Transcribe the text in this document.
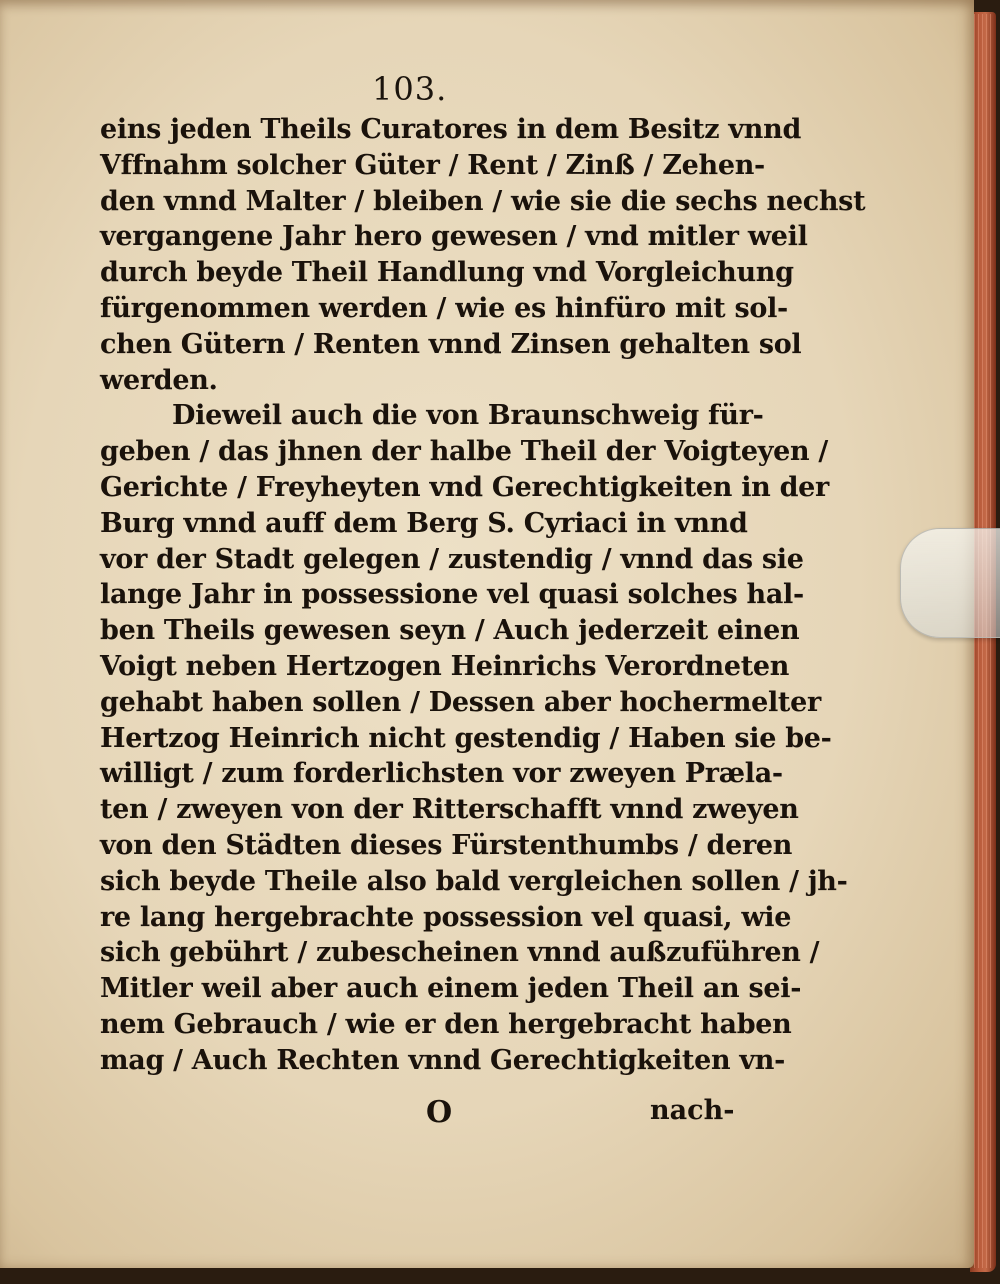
103.
eins jeden Theils Curatores in dem Besitz vnnd
Vffnahm solcher Güter / Rent / Zinß / Zehen-
den vnnd Malter / bleiben / wie sie die sechs nechst
vergangene Jahr hero gewesen / vnd mitler weil
durch beyde Theil Handlung vnd Vorgleichung
fürgenommen werden / wie es hinfüro mit sol-
chen Gütern / Renten vnnd Zinsen gehalten sol
werden.
Dieweil auch die von Braunschweig für-
geben / das jhnen der halbe Theil der Voigteyen /
Gerichte / Freyheyten vnd Gerechtigkeiten in der
Burg vnnd auff dem Berg S. Cyriaci in vnnd
vor der Stadt gelegen / zustendig / vnnd das sie
lange Jahr in possessione vel quasi solches hal-
ben Theils gewesen seyn / Auch jederzeit einen
Voigt neben Hertzogen Heinrichs Verordneten
gehabt haben sollen / Dessen aber hochermelter
Hertzog Heinrich nicht gestendig / Haben sie be-
willigt / zum forderlichsten vor zweyen Prælа-
ten / zweyen von der Ritterschafft vnnd zweyen
von den Städten dieses Fürstenthumbs / deren
sich beyde Theile also bald vergleichen sollen / jh-
re lang hergebrachte possession vel quasi, wie
sich gebührt / zubescheinen vnnd außzuführen /
Mitler weil aber auch einem jeden Theil an sei-
nem Gebrauch / wie er den hergebracht haben
mag / Auch Rechten vnnd Gerechtigkeiten vn-
O	nach-
